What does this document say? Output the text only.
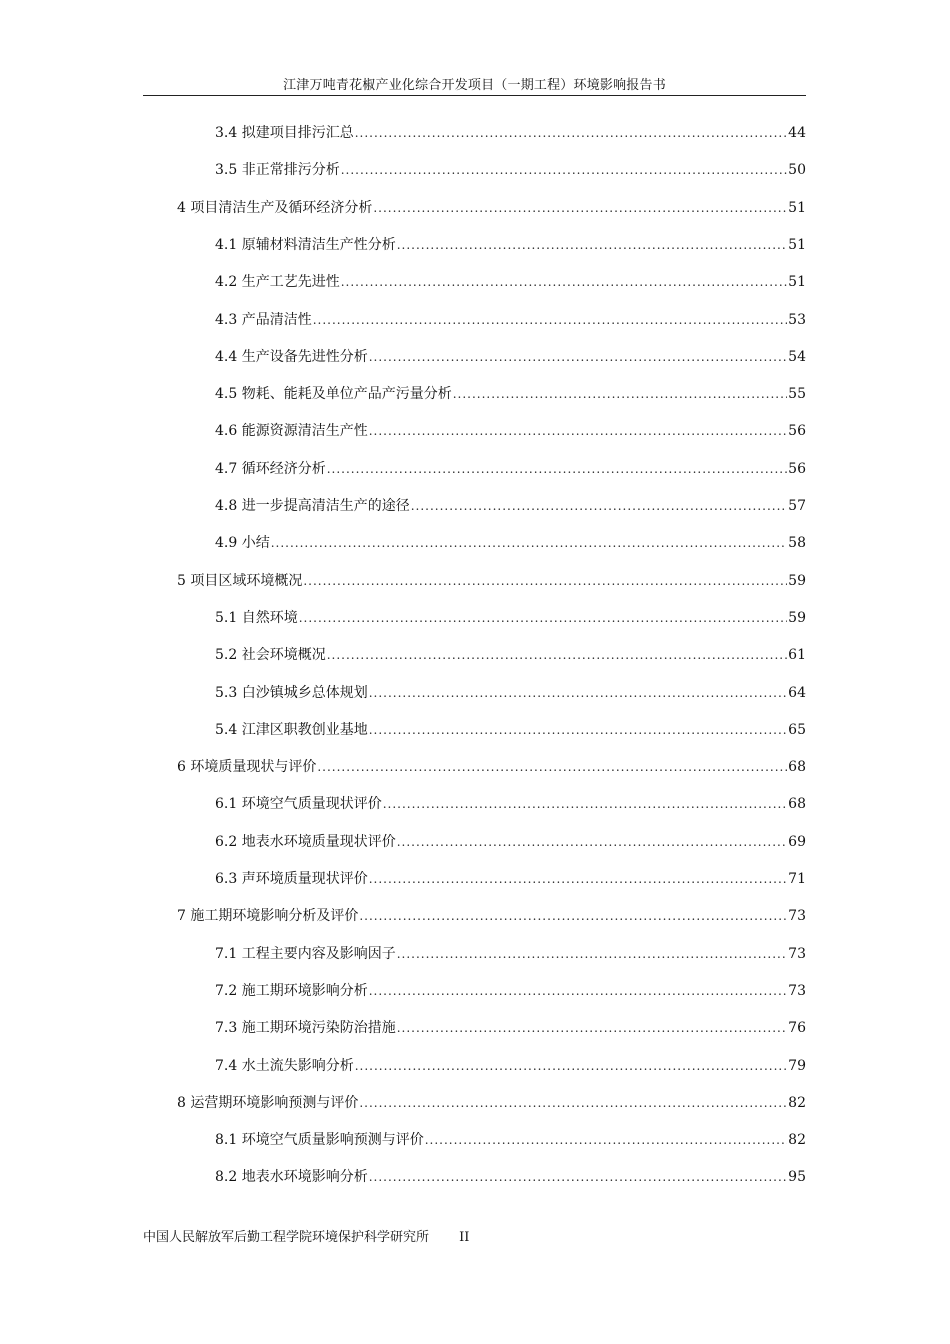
江津万吨青花椒产业化综合开发项目（一期工程）环境影响报告书
3.4 拟建项目排污汇总 .....	44
3.5 非正常排污分析 .....	50
4 项目清洁生产及循环经济分析 .....	51
4.1 原辅材料清洁生产性分析 .....	51
4.2 生产工艺先进性 .....	51
4.3 产品清洁性 .....	53
4.4 生产设备先进性分析 .....	54
4.5 物耗、能耗及单位产品产污量分析 .....	55
4.6 能源资源清洁生产性 .....	56
4.7 循环经济分析 .....	56
4.8 进一步提高清洁生产的途径 .....	57
4.9 小结 .....	58
5 项目区域环境概况 .....	59
5.1 自然环境 .....	59
5.2 社会环境概况 .....	61
5.3 白沙镇城乡总体规划 .....	64
5.4 江津区职教创业基地 .....	65
6 环境质量现状与评价 .....	68
6.1 环境空气质量现状评价 .....	68
6.2 地表水环境质量现状评价 .....	69
6.3 声环境质量现状评价 .....	71
7 施工期环境影响分析及评价 .....	73
7.1 工程主要内容及影响因子 .....	73
7.2 施工期环境影响分析 .....	73
7.3 施工期环境污染防治措施 .....	76
7.4 水土流失影响分析 .....	79
8 运营期环境影响预测与评价 .....	82
8.1 环境空气质量影响预测与评价 .....	82
8.2 地表水环境影响分析 .....	95
中国人民解放军后勤工程学院环境保护科学研究所 II
